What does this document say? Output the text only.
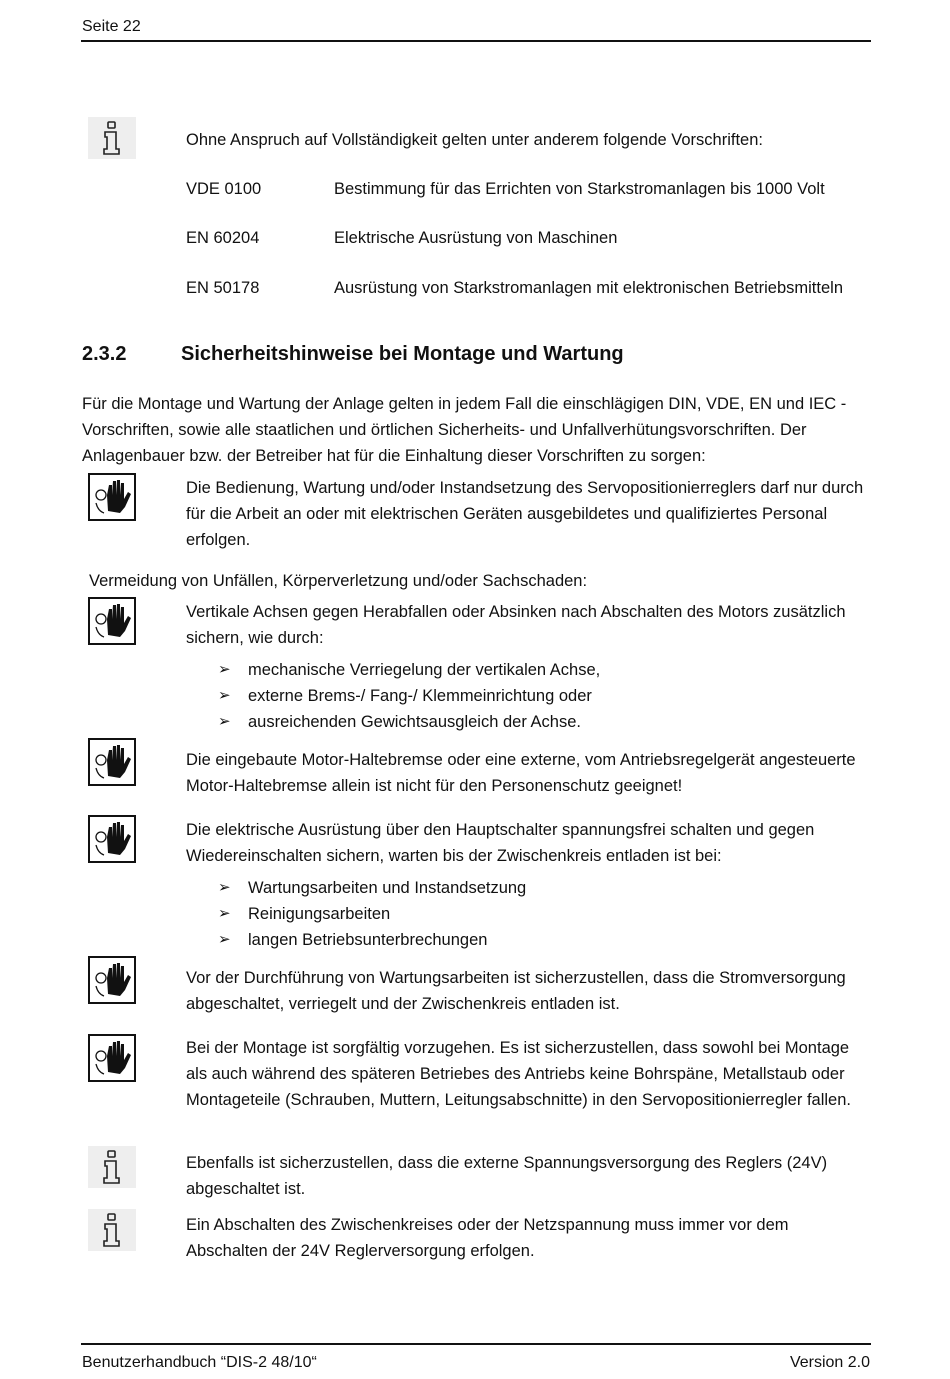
Seite 22
Ohne Anspruch auf Vollständigkeit gelten unter anderem folgende Vorschriften:
VDE 0100	Bestimmung für das Errichten von Starkstromanlagen bis 1000 Volt
EN 60204	Elektrische Ausrüstung von Maschinen
EN 50178	Ausrüstung von Starkstromanlagen mit elektronischen Betriebsmitteln
2.3.2	Sicherheitshinweise bei Montage und Wartung
Für die Montage und Wartung der Anlage gelten in jedem Fall die einschlägigen DIN, VDE, EN und IEC - Vorschriften, sowie alle staatlichen und örtlichen Sicherheits- und Unfallverhütungsvorschriften. Der Anlagenbauer bzw. der Betreiber hat für die Einhaltung dieser Vorschriften zu sorgen:
Die Bedienung, Wartung und/oder Instandsetzung des Servopositionierreglers darf nur durch für die Arbeit an oder mit elektrischen Geräten ausgebildetes und qualifiziertes Personal erfolgen.
Vermeidung von Unfällen, Körperverletzung und/oder Sachschaden:
Vertikale Achsen gegen Herabfallen oder Absinken nach Abschalten des Motors zusätzlich sichern, wie durch:
➢ mechanische Verriegelung der vertikalen Achse,
➢ externe Brems-/ Fang-/ Klemmeinrichtung oder
➢ ausreichenden Gewichtsausgleich der Achse.
Die eingebaute Motor-Haltebremse oder eine externe, vom Antriebsregelgerät angesteuerte Motor-Haltebremse allein ist nicht für den Personenschutz geeignet!
Die elektrische Ausrüstung über den Hauptschalter spannungsfrei schalten und gegen Wiedereinschalten sichern, warten bis der Zwischenkreis entladen ist bei:
➢ Wartungsarbeiten und Instandsetzung
➢ Reinigungsarbeiten
➢ langen Betriebsunterbrechungen
Vor der Durchführung von Wartungsarbeiten ist sicherzustellen, dass die Stromversorgung abgeschaltet, verriegelt und der Zwischenkreis entladen ist.
Bei der Montage ist sorgfältig vorzugehen. Es ist sicherzustellen, dass sowohl bei Montage als auch während des späteren Betriebes des Antriebs keine Bohrspäne, Metallstaub oder Montageteile (Schrauben, Muttern, Leitungsabschnitte) in den Servopositionierregler fallen.
Ebenfalls ist sicherzustellen, dass die externe Spannungsversorgung des Reglers (24V) abgeschaltet ist.
Ein Abschalten des Zwischenkreises oder der Netzspannung muss immer vor dem Abschalten der 24V Reglerversorgung erfolgen.
Benutzerhandbuch “DIS-2 48/10“	Version 2.0
